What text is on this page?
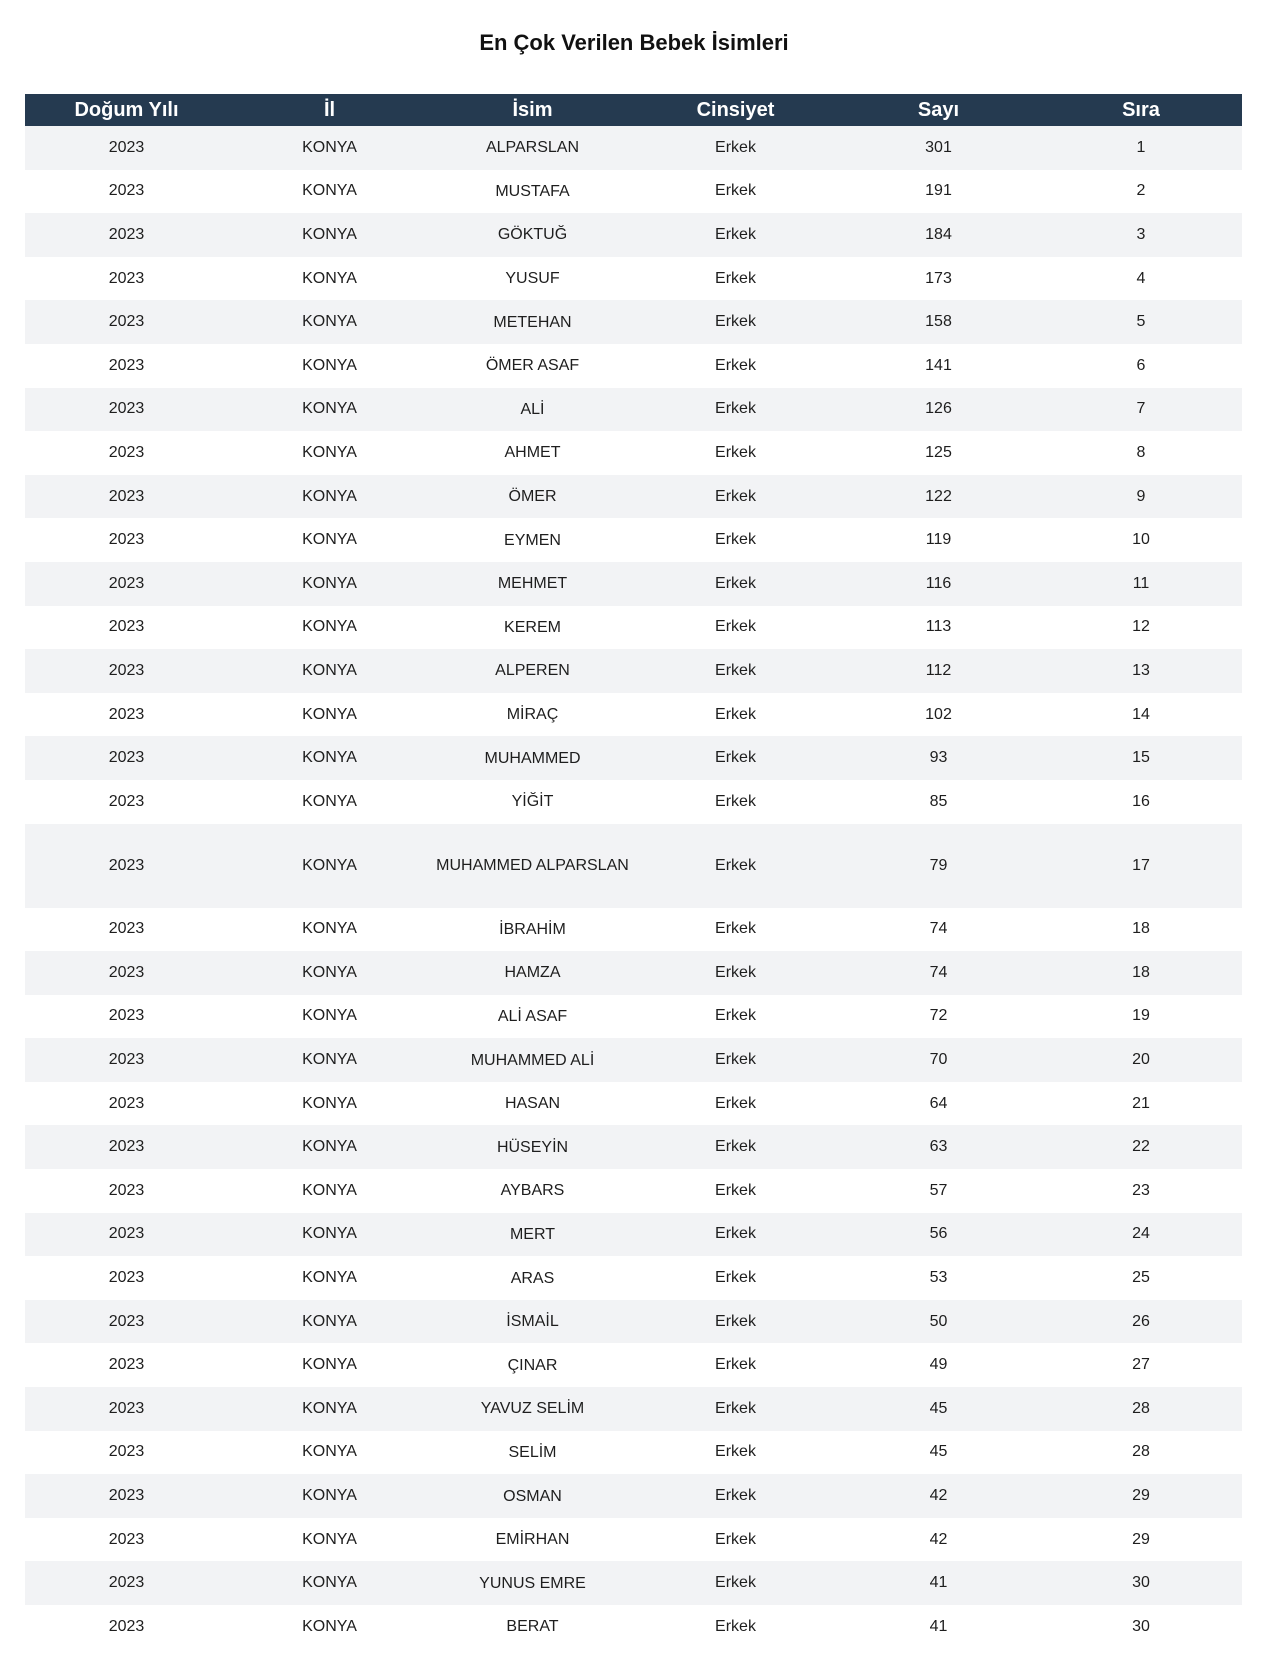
En Çok Verilen Bebek İsimleri
Doğum Yılı	İl	İsim	Cinsiyet	Sayı	Sıra
2023	KONYA	ALPARSLAN	Erkek	301	1
2023	KONYA	MUSTAFA	Erkek	191	2
2023	KONYA	GÖKTUĞ	Erkek	184	3
2023	KONYA	YUSUF	Erkek	173	4
2023	KONYA	METEHAN	Erkek	158	5
2023	KONYA	ÖMER ASAF	Erkek	141	6
2023	KONYA	ALİ	Erkek	126	7
2023	KONYA	AHMET	Erkek	125	8
2023	KONYA	ÖMER	Erkek	122	9
2023	KONYA	EYMEN	Erkek	119	10
2023	KONYA	MEHMET	Erkek	116	11
2023	KONYA	KEREM	Erkek	113	12
2023	KONYA	ALPEREN	Erkek	112	13
2023	KONYA	MİRAÇ	Erkek	102	14
2023	KONYA	MUHAMMED	Erkek	93	15
2023	KONYA	YİĞİT	Erkek	85	16
2023	KONYA	MUHAMMED ALPARSLAN	Erkek	79	17
2023	KONYA	İBRAHİM	Erkek	74	18
2023	KONYA	HAMZA	Erkek	74	18
2023	KONYA	ALİ ASAF	Erkek	72	19
2023	KONYA	MUHAMMED ALİ	Erkek	70	20
2023	KONYA	HASAN	Erkek	64	21
2023	KONYA	HÜSEYİN	Erkek	63	22
2023	KONYA	AYBARS	Erkek	57	23
2023	KONYA	MERT	Erkek	56	24
2023	KONYA	ARAS	Erkek	53	25
2023	KONYA	İSMAİL	Erkek	50	26
2023	KONYA	ÇINAR	Erkek	49	27
2023	KONYA	YAVUZ SELİM	Erkek	45	28
2023	KONYA	SELİM	Erkek	45	28
2023	KONYA	OSMAN	Erkek	42	29
2023	KONYA	EMİRHAN	Erkek	42	29
2023	KONYA	YUNUS EMRE	Erkek	41	30
2023	KONYA	BERAT	Erkek	41	30
